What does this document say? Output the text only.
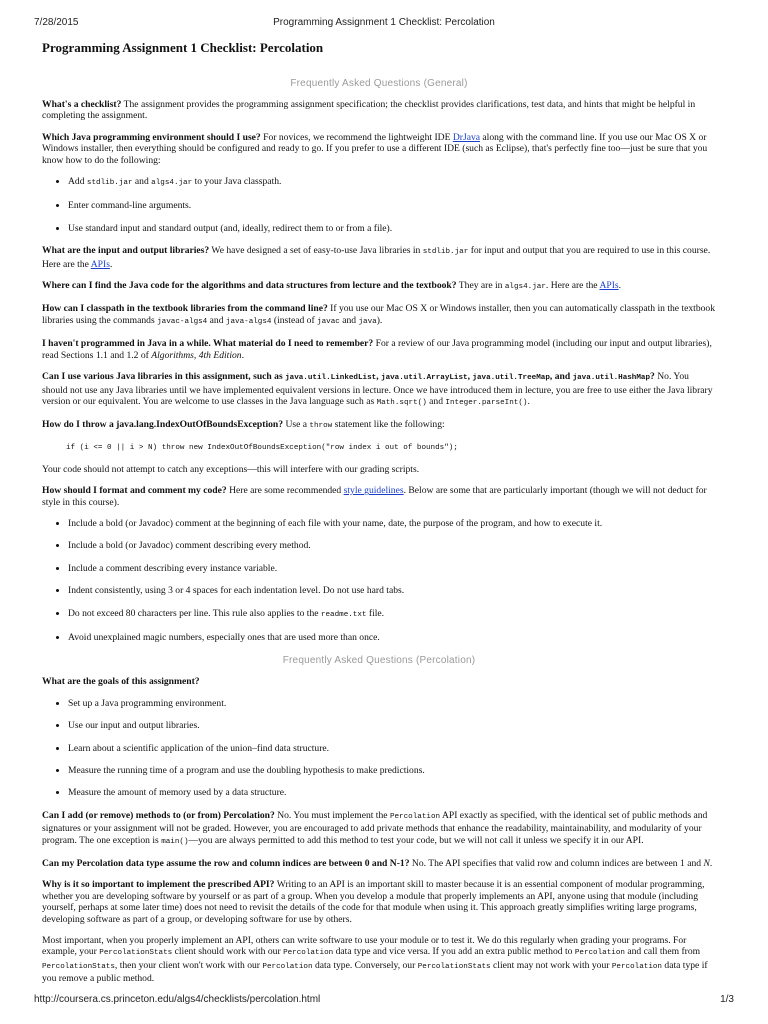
7/28/2015	Programming Assignment 1 Checklist: Percolation
Programming Assignment 1 Checklist: Percolation
Frequently Asked Questions (General)

What's a checklist? The assignment provides the programming assignment specification; the checklist provides clarifications, test data, and hints that might be helpful in completing the assignment.

Which Java programming environment should I use? For novices, we recommend the lightweight IDE DrJava along with the command line. If you use our Mac OS X or Windows installer, then everything should be configured and ready to go. If you prefer to use a different IDE (such as Eclipse), that's perfectly fine too—just be sure that you know how to do the following:

• Add stdlib.jar and algs4.jar to your Java classpath.
• Enter command-line arguments.
• Use standard input and standard output (and, ideally, redirect them to or from a file).

What are the input and output libraries? We have designed a set of easy-to-use Java libraries in stdlib.jar for input and output that you are required to use in this course. Here are the APIs.

Where can I find the Java code for the algorithms and data structures from lecture and the textbook? They are in algs4.jar. Here are the APIs.

How can I classpath in the textbook libraries from the command line? If you use our Mac OS X or Windows installer, then you can automatically classpath in the textbook libraries using the commands javac-algs4 and java-algs4 (instead of javac and java).

I haven't programmed in Java in a while. What material do I need to remember? For a review of our Java programming model (including our input and output libraries), read Sections 1.1 and 1.2 of Algorithms, 4th Edition.

Can I use various Java libraries in this assignment, such as java.util.LinkedList, java.util.ArrayList, java.util.TreeMap, and java.util.HashMap? No. You should not use any Java libraries until we have implemented equivalent versions in lecture. Once we have introduced them in lecture, you are free to use either the Java library version or our equivalent. You are welcome to use classes in the Java language such as Math.sqrt() and Integer.parseInt().

How do I throw a java.lang.IndexOutOfBoundsException? Use a throw statement like the following:

if (i <= 0 || i > N) throw new IndexOutOfBoundsException("row index i out of bounds");

Your code should not attempt to catch any exceptions—this will interfere with our grading scripts.

How should I format and comment my code? Here are some recommended style guidelines. Below are some that are particularly important (though we will not deduct for style in this course).

• Include a bold (or Javadoc) comment at the beginning of each file with your name, date, the purpose of the program, and how to execute it.
• Include a bold (or Javadoc) comment describing every method.
• Include a comment describing every instance variable.
• Indent consistently, using 3 or 4 spaces for each indentation level. Do not use hard tabs.
• Do not exceed 80 characters per line. This rule also applies to the readme.txt file.
• Avoid unexplained magic numbers, especially ones that are used more than once.
Frequently Asked Questions (Percolation)

What are the goals of this assignment?

• Set up a Java programming environment.
• Use our input and output libraries.
• Learn about a scientific application of the union–find data structure.
• Measure the running time of a program and use the doubling hypothesis to make predictions.
• Measure the amount of memory used by a data structure.

Can I add (or remove) methods to (or from) Percolation? No. You must implement the Percolation API exactly as specified, with the identical set of public methods and signatures or your assignment will not be graded. However, you are encouraged to add private methods that enhance the readability, maintainability, and modularity of your program. The one exception is main()—you are always permitted to add this method to test your code, but we will not call it unless we specify it in our API.

Can my Percolation data type assume the row and column indices are between 0 and N-1? No. The API specifies that valid row and column indices are between 1 and N.

Why is it so important to implement the prescribed API? Writing to an API is an important skill to master because it is an essential component of modular programming, whether you are developing software by yourself or as part of a group. When you develop a module that properly implements an API, anyone using that module (including yourself, perhaps at some later time) does not need to revisit the details of the code for that module when using it. This approach greatly simplifies writing large programs, developing software as part of a group, or developing software for use by others.

Most important, when you properly implement an API, others can write software to use your module or to test it. We do this regularly when grading your programs. For example, your PercolationStats client should work with our Percolation data type and vice versa. If you add an extra public method to Percolation and call them from PercolationStats, then your client won't work with our Percolation data type. Conversely, our PercolationStats client may not work with your Percolation data type if you remove a public method.

http://coursera.cs.princeton.edu/algs4/checklists/percolation.html	1/3
